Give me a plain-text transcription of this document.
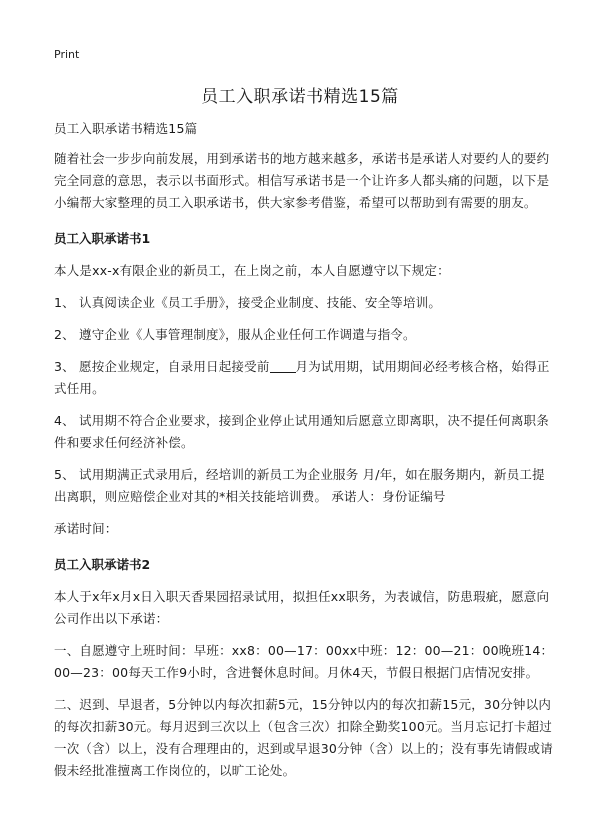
Print
员工入职承诺书精选15篇

员工入职承诺书精选15篇

随着社会一步步向前发展，用到承诺书的地方越来越多，承诺书是承诺人对要约人的要约完全同意的意思，表示以书面形式。相信写承诺书是一个让许多人都头痛的问题，以下是小编帮大家整理的员工入职承诺书，供大家参考借鉴，希望可以帮助到有需要的朋友。

员工入职承诺书1

本人是xx-x有限企业的新员工，在上岗之前，本人自愿遵守以下规定：

1、 认真阅读企业《员工手册》，接受企业制度、技能、安全等培训。

2、 遵守企业《人事管理制度》，服从企业任何工作调遣与指令。

3、 愿按企业规定，自录用日起接受前 月为试用期，试用期间必经考核合格，始得正式任用。

4、 试用期不符合企业要求，接到企业停止试用通知后愿意立即离职，决不提任何离职条件和要求任何经济补偿。

5、 试用期满正式录用后，经培训的新员工为企业服务 月/年，如在服务期内，新员工提出离职，则应赔偿企业对其的*相关技能培训费。 承诺人：身份证编号

承诺时间：

员工入职承诺书2

本人于x年x月x日入职天香果园招录试用，拟担任xx职务，为表诚信，防患瑕疵，愿意向公司作出以下承诺：

一、自愿遵守上班时间：早班：xx8：00—17：00xx中班：12：00—21：00晚班14：00—23：00每天工作9小时，含进餐休息时间。月休4天，节假日根据门店情况安排。

二、迟到、早退者，5分钟以内每次扣薪5元，15分钟以内的每次扣薪15元，30分钟以内的每次扣薪30元。每月迟到三次以上（包含三次）扣除全勤奖100元。当月忘记打卡超过一次（含）以上，没有合理理由的，迟到或早退30分钟（含）以上的；没有事先请假或请假未经批准擅离工作岗位的，以旷工论处。
